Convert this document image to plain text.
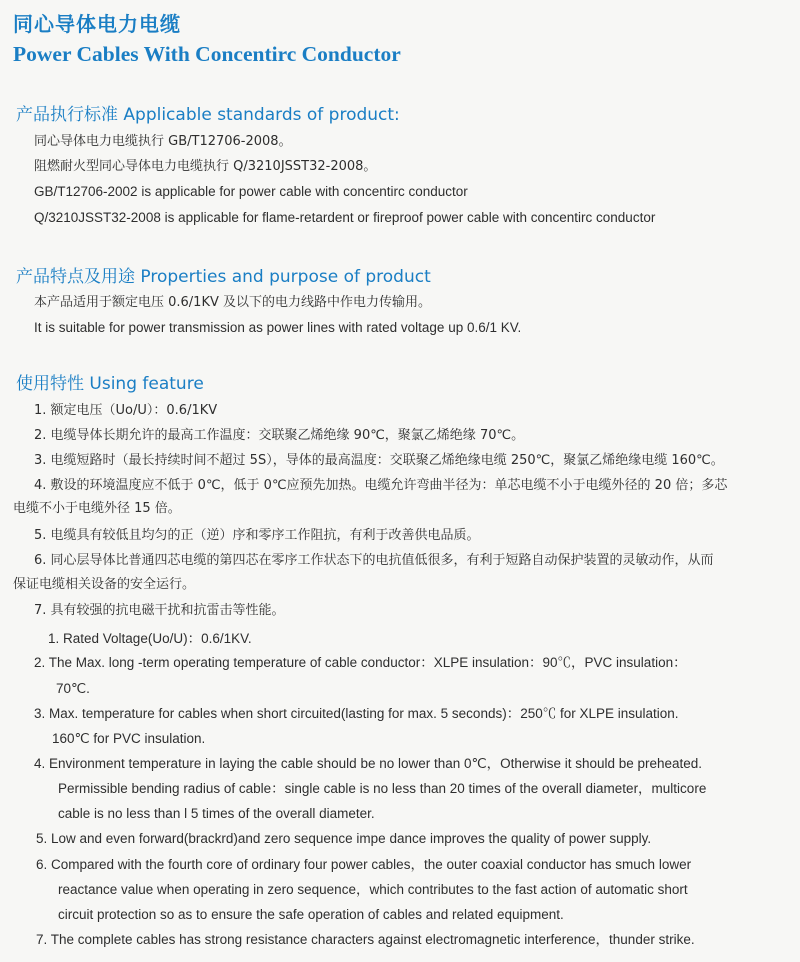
同心导体电力电缆
Power Cables With Concentirc Conductor
产品执行标准 Applicable standards of product:
同心导体电力电缆执行 GB/T12706-2008。
阻燃耐火型同心导体电力电缆执行 Q/3210JSST32-2008。
GB/T12706-2002 is applicable for power cable with concentirc conductor
Q/3210JSST32-2008 is applicable for flame-retardent or fireproof power cable with concentirc conductor
产品特点及用途 Properties and purpose of product
本产品适用于额定电压 0.6/1KV 及以下的电力线路中作电力传输用。
It is suitable for power transmission as power lines with rated voltage up 0.6/1 KV.
使用特性 Using feature
1. 额定电压（Uo/U）：0.6/1KV
2. 电缆导体长期允许的最高工作温度：交联聚乙烯绝缘 90℃，聚氯乙烯绝缘 70℃。
3. 电缆短路时（最长持续时间不超过 5S），导体的最高温度：交联聚乙烯绝缘电缆 250℃，聚氯乙烯绝缘电缆 160℃。
4. 敷设的环境温度应不低于 0℃，低于 0℃应预先加热。电缆允许弯曲半径为：单芯电缆不小于电缆外径的 20 倍；多芯
电缆不小于电缆外径 15 倍。
5. 电缆具有较低且均匀的正（逆）序和零序工作阻抗，有利于改善供电品质。
6. 同心层导体比普通四芯电缆的第四芯在零序工作状态下的电抗值低很多，有利于短路自动保护装置的灵敏动作，从而
保证电缆相关设备的安全运行。
7. 具有较强的抗电磁干扰和抗雷击等性能。
1. Rated Voltage(Uo/U)：0.6/1KV.
2. The Max. long -term operating temperature of cable conductor：XLPE insulation：90℃，PVC insulation：
70℃.
3. Max. temperature for cables when short circuited(lasting for max. 5 seconds)：250℃ for XLPE insulation.
160℃ for PVC insulation.
4. Environment temperature in laying the cable should be no lower than 0℃，Otherwise it should be preheated.
Permissible bending radius of cable：single cable is no less than 20 times of the overall diameter，multicore
cable is no less than l 5 times of the overall diameter.
5. Low and even forward(brackrd)and zero sequence impe dance improves the quality of power supply.
6. Compared with the fourth core of ordinary four power cables，the outer coaxial conductor has smuch lower
reactance value when operating in zero sequence，which contributes to the fast action of automatic short
circuit protection so as to ensure the safe operation of cables and related equipment.
7. The complete cables has strong resistance characters against electromagnetic interference，thunder strike.
